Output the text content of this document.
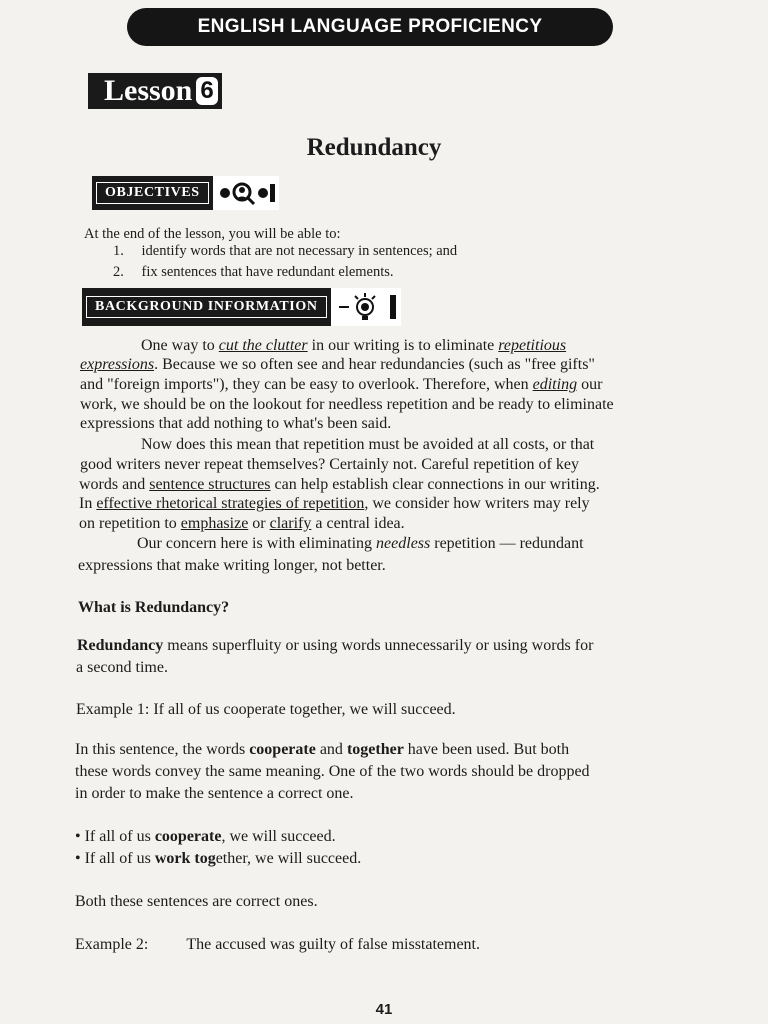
ENGLISH LANGUAGE PROFICIENCY
Lesson 6
Redundancy
OBJECTIVES
At the end of the lesson, you will be able to:
1. identify words that are not necessary in sentences; and
2. fix sentences that have redundant elements.
BACKGROUND INFORMATION
One way to cut the clutter in our writing is to eliminate repetitious
expressions. Because we so often see and hear redundancies (such as "free gifts"
and "foreign imports"), they can be easy to overlook. Therefore, when editing our
work, we should be on the lookout for needless repetition and be ready to eliminate
expressions that add nothing to what's been said.
Now does this mean that repetition must be avoided at all costs, or that
good writers never repeat themselves? Certainly not. Careful repetition of key
words and sentence structures can help establish clear connections in our writing.
In effective rhetorical strategies of repetition, we consider how writers may rely
on repetition to emphasize or clarify a central idea.
Our concern here is with eliminating needless repetition — redundant
expressions that make writing longer, not better.
What is Redundancy?
Redundancy means superfluity or using words unnecessarily or using words for
a second time.
Example 1: If all of us cooperate together, we will succeed.
In this sentence, the words cooperate and together have been used. But both
these words convey the same meaning. One of the two words should be dropped
in order to make the sentence a correct one.
• If all of us cooperate, we will succeed.
• If all of us work together, we will succeed.
Both these sentences are correct ones.
Example 2: The accused was guilty of false misstatement.
41
